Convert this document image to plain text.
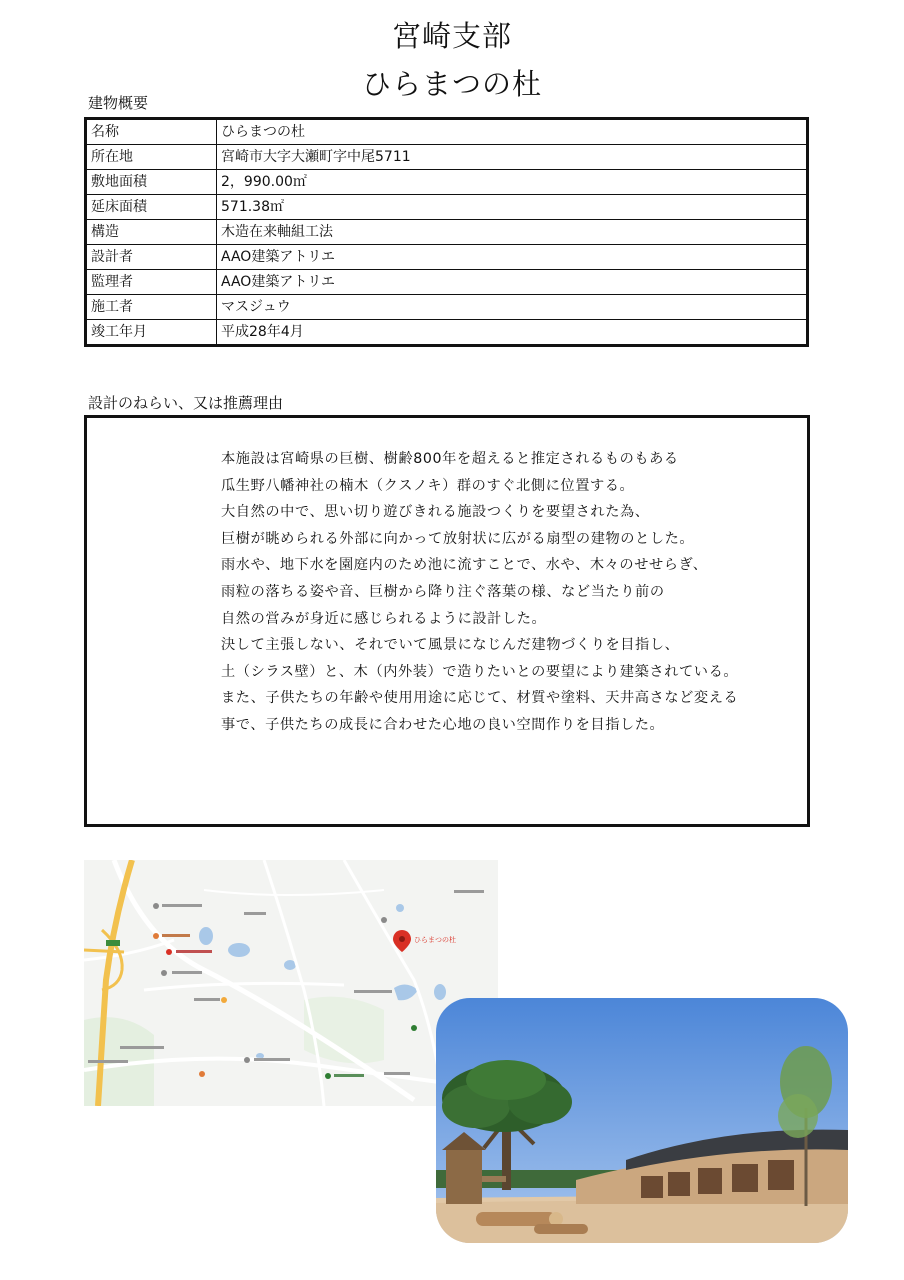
宮崎支部
ひらまつの杜
建物概要
名称	ひらまつの杜
所在地	宮崎市大字大瀬町字中尾5711
敷地面積	2，990.00㎡
延床面積	571.38㎡
構造	木造在来軸組工法
設計者	AAO建築アトリエ
監理者	AAO建築アトリエ
施工者	マスジュウ
竣工年月	平成28年4月
設計のねらい、又は推薦理由
本施設は宮崎県の巨樹、樹齢800年を超えると推定されるものもある
瓜生野八幡神社の楠木（クスノキ）群のすぐ北側に位置する。
大自然の中で、思い切り遊びきれる施設つくりを要望された為、
巨樹が眺められる外部に向かって放射状に広がる扇型の建物のとした。
雨水や、地下水を園庭内のため池に流すことで、水や、木々のせせらぎ、
雨粒の落ちる姿や音、巨樹から降り注ぐ落葉の様、など当たり前の
自然の営みが身近に感じられるように設計した。
決して主張しない、それでいて風景になじんだ建物づくりを目指し、
土（シラス壁）と、木（内外装）で造りたいとの要望により建築されている。
また、子供たちの年齢や使用用途に応じて、材質や塗料、天井高さなど変える
事で、子供たちの成長に合わせた心地の良い空間作りを目指した。
ひらまつの杜
